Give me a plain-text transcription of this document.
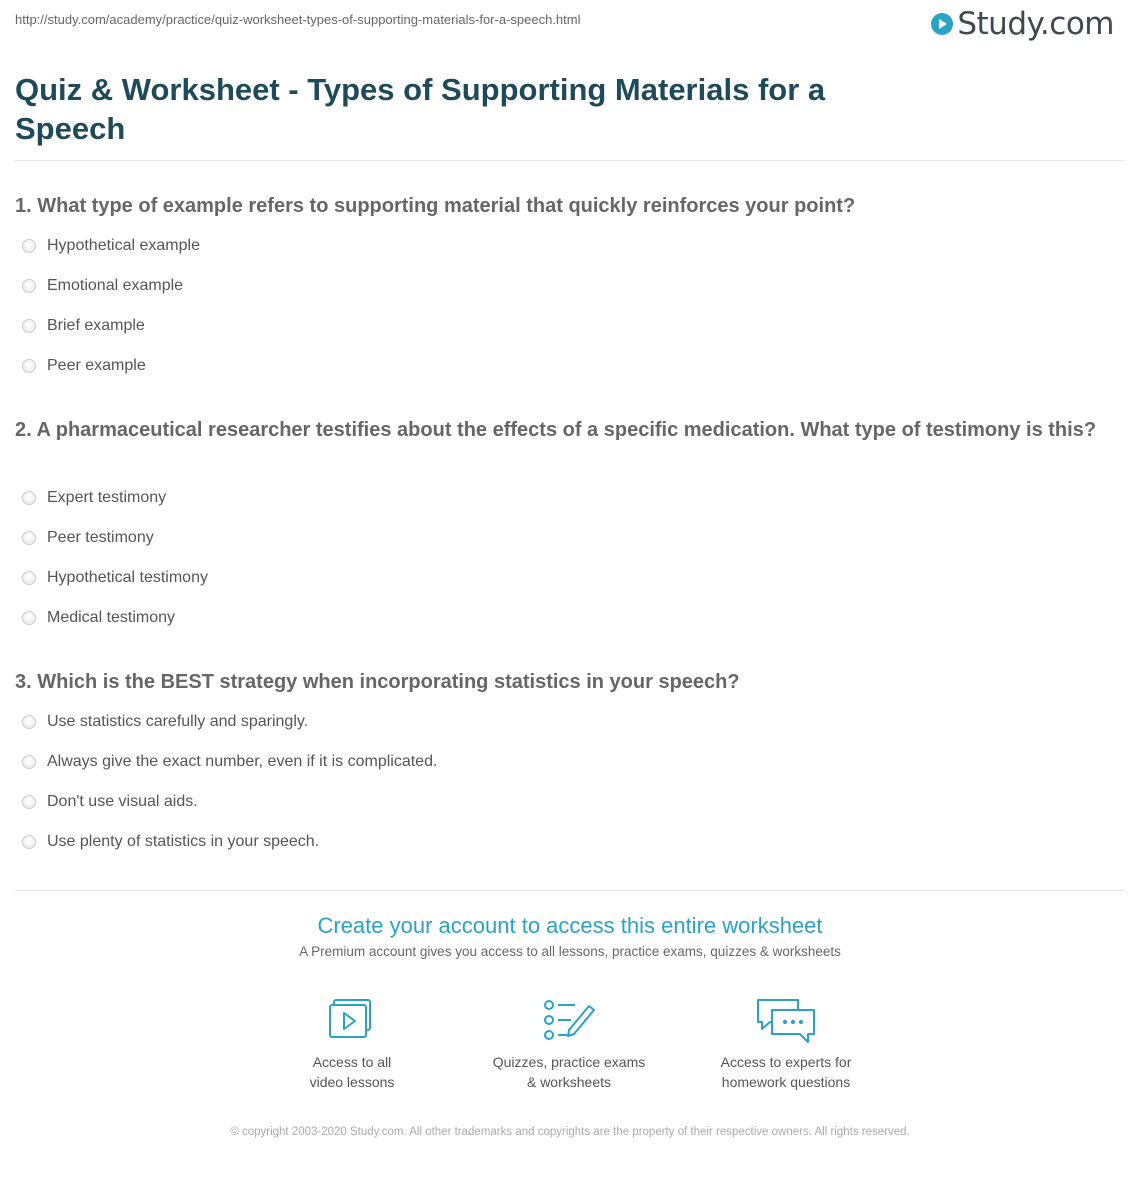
http://study.com/academy/practice/quiz-worksheet-types-of-supporting-materials-for-a-speech.html	Study.com
Quiz & Worksheet - Types of Supporting Materials for a Speech
1. What type of example refers to supporting material that quickly reinforces your point?
Hypothetical example
Emotional example
Brief example
Peer example
2. A pharmaceutical researcher testifies about the effects of a specific medication. What type of testimony is this?
Expert testimony
Peer testimony
Hypothetical testimony
Medical testimony
3. Which is the BEST strategy when incorporating statistics in your speech?
Use statistics carefully and sparingly.
Always give the exact number, even if it is complicated.
Don't use visual aids.
Use plenty of statistics in your speech.
Create your account to access this entire worksheet
A Premium account gives you access to all lessons, practice exams, quizzes & worksheets
Access to all
video lessons
Quizzes, practice exams
& worksheets
Access to experts for
homework questions
© copyright 2003-2020 Study.com. All other trademarks and copyrights are the property of their respective owners. All rights reserved.
